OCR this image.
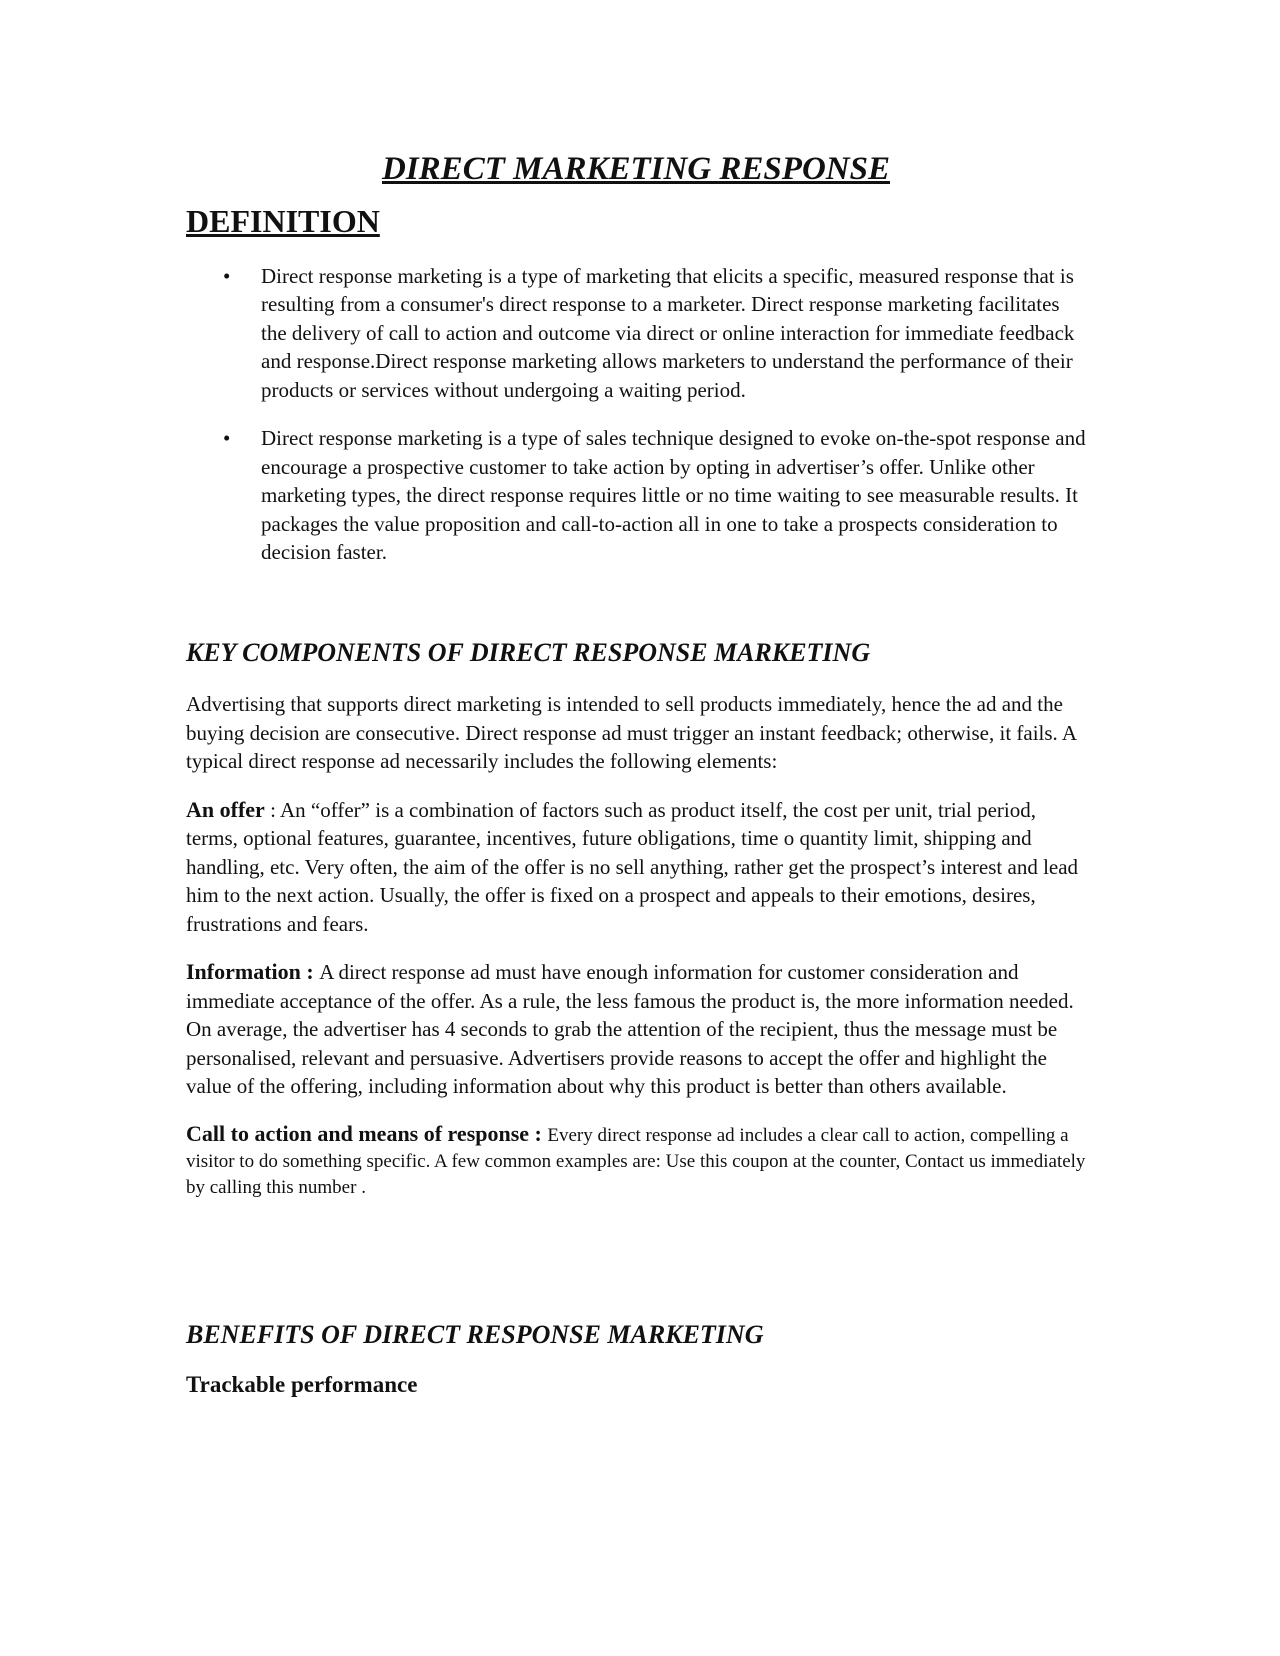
DIRECT MARKETING RESPONSE
DEFINITION
• Direct response marketing is a type of marketing that elicits a specific, measured response that is resulting from a consumer's direct response to a marketer. Direct response marketing facilitates the delivery of call to action and outcome via direct or online interaction for immediate feedback and response.Direct response marketing allows marketers to understand the performance of their products or services without undergoing a waiting period.
• Direct response marketing is a type of sales technique designed to evoke on-the-spot response and encourage a prospective customer to take action by opting in advertiser’s offer. Unlike other marketing types, the direct response requires little or no time waiting to see measurable results. It packages the value proposition and call-to-action all in one to take a prospects consideration to decision faster.
KEY COMPONENTS OF DIRECT RESPONSE MARKETING

Advertising that supports direct marketing is intended to sell products immediately, hence the ad and the buying decision are consecutive. Direct response ad must trigger an instant feedback; otherwise, it fails. A typical direct response ad necessarily includes the following elements:

An offer : An “offer” is a combination of factors such as product itself, the cost per unit, trial period, terms, optional features, guarantee, incentives, future obligations, time o quantity limit, shipping and handling, etc. Very often, the aim of the offer is no sell anything, rather get the prospect’s interest and lead him to the next action. Usually, the offer is fixed on a prospect and appeals to their emotions, desires, frustrations and fears.

Information : A direct response ad must have enough information for customer consideration and immediate acceptance of the offer. As a rule, the less famous the product is, the more information needed. On average, the advertiser has 4 seconds to grab the attention of the recipient, thus the message must be personalised, relevant and persuasive. Advertisers provide reasons to accept the offer and highlight the value of the offering, including information about why this product is better than others available.

Call to action and means of response : Every direct response ad includes a clear call to action, compelling a visitor to do something specific. A few common examples are: Use this coupon at the counter, Contact us immediately by calling this number .

BENEFITS OF DIRECT RESPONSE MARKETING

Trackable performance
